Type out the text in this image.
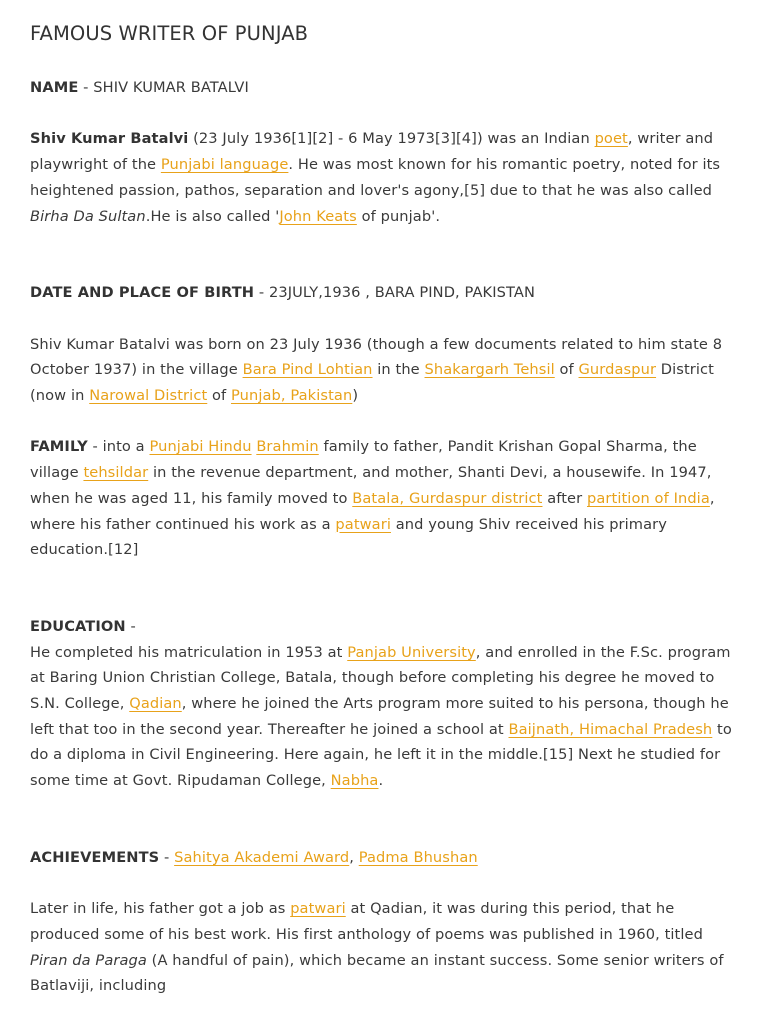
FAMOUS WRITER OF PUNJAB

NAME - SHIV KUMAR BATALVI

Shiv Kumar Batalvi (23 July 1936[1][2] - 6 May 1973[3][4]) was an Indian poet, writer and playwright of the Punjabi language. He was most known for his romantic poetry, noted for its heightened passion, pathos, separation and lover's agony,[5] due to that he was also called Birha Da Sultan.He is also called 'John Keats of punjab'.

DATE AND PLACE OF BIRTH - 23JULY,1936 , BARA PIND, PAKISTAN

Shiv Kumar Batalvi was born on 23 July 1936 (though a few documents related to him state 8 October 1937) in the village Bara Pind Lohtian in the Shakargarh Tehsil of Gurdaspur District (now in Narowal District of Punjab, Pakistan)

FAMILY - into a Punjabi Hindu Brahmin family to father, Pandit Krishan Gopal Sharma, the village tehsildar in the revenue department, and mother, Shanti Devi, a housewife. In 1947, when he was aged 11, his family moved to Batala, Gurdaspur district after partition of India, where his father continued his work as a patwari and young Shiv received his primary education.[12]

EDUCATION -

He completed his matriculation in 1953 at Panjab University, and enrolled in the F.Sc. program at Baring Union Christian College, Batala, though before completing his degree he moved to S.N. College, Qadian, where he joined the Arts program more suited to his persona, though he left that too in the second year. Thereafter he joined a school at Baijnath, Himachal Pradesh to do a diploma in Civil Engineering. Here again, he left it in the middle.[15] Next he studied for some time at Govt. Ripudaman College, Nabha.

ACHIEVEMENTS - Sahitya Akademi Award, Padma Bhushan

Later in life, his father got a job as patwari at Qadian, it was during this period, that he produced some of his best work. His first anthology of poems was published in 1960, titled Piran da Paraga (A handful of pain), which became an instant success. Some senior writers of Batlaviji, including
